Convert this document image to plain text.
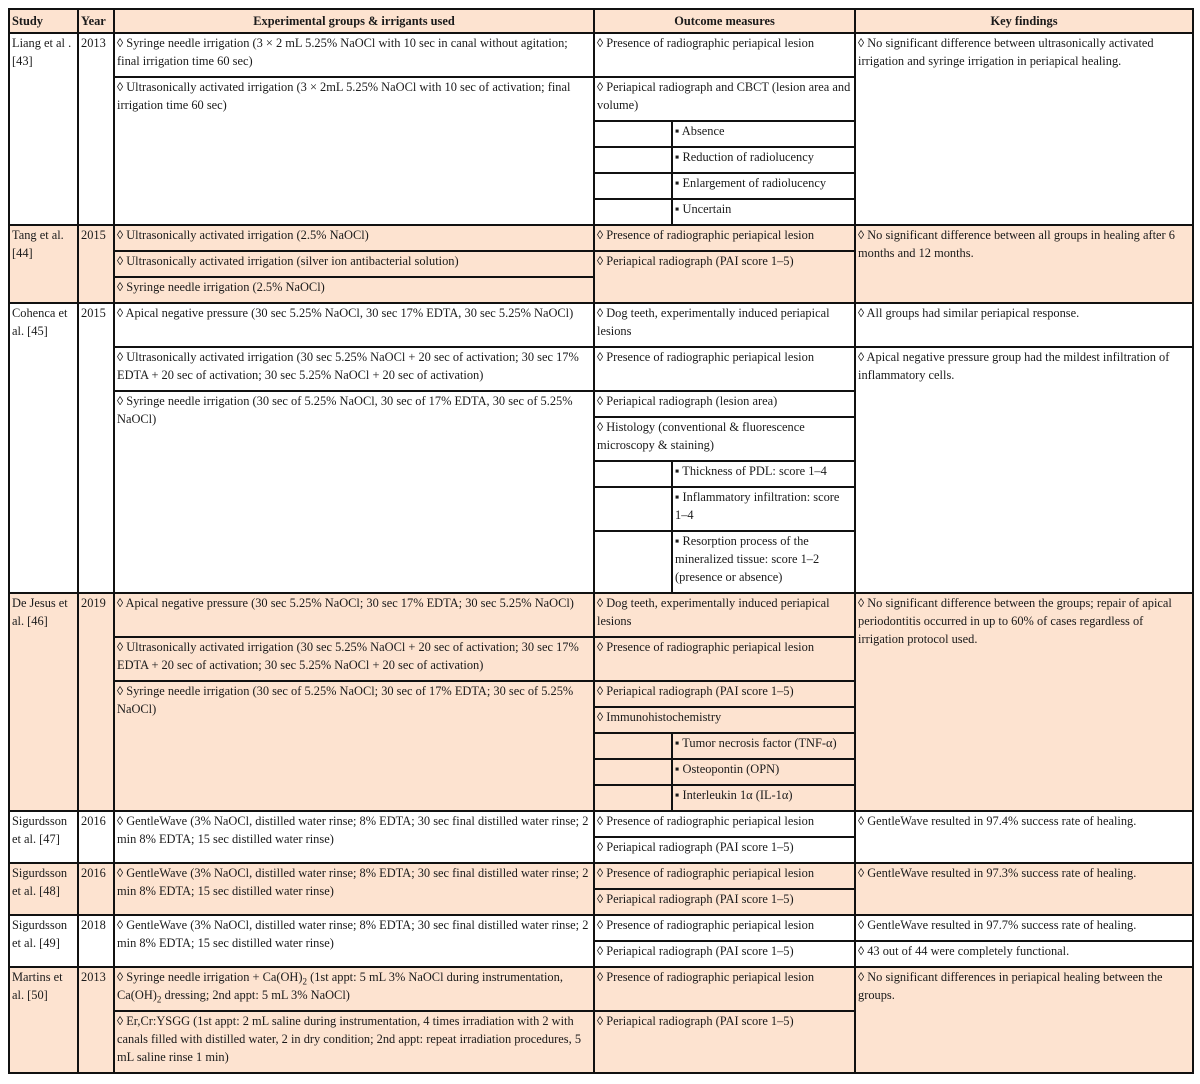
Study	Year	Experimental groups & irrigants used	Outcome measures		Key findings
Liang et al . [43]	2013	◊ Syringe needle irrigation (3 × 2 mL 5.25% NaOCl with 10 sec in canal without agitation; final irrigation time 60 sec)	◊ Presence of radiographic periapical lesion		◊ No significant difference between ultrasonically activated irrigation and syringe irrigation in periapical healing.
		◊ Ultrasonically activated irrigation (3 × 2mL 5.25% NaOCl with 10 sec of activation; final irrigation time 60 sec)	◊ Periapical radiograph and CBCT (lesion area and volume)		
				▪ Absence	
				▪ Reduction of radiolucency	
				▪ Enlargement of radiolucency	
				▪ Uncertain	
Tang et al. [44]	2015	◊ Ultrasonically activated irrigation (2.5% NaOCl)	◊ Presence of radiographic periapical lesion		◊ No significant difference between all groups in healing after 6 months and 12 months.
		◊ Ultrasonically activated irrigation (silver ion antibacterial solution)	◊ Periapical radiograph (PAI score 1–5)		
		◊ Syringe needle irrigation (2.5% NaOCl)			
Cohenca et al. [45]	2015	◊ Apical negative pressure (30 sec 5.25% NaOCl, 30 sec 17% EDTA, 30 sec 5.25% NaOCl)	◊ Dog teeth, experimentally induced periapical lesions		◊ All groups had similar periapical response.
		◊ Ultrasonically activated irrigation (30 sec 5.25% NaOCl + 20 sec of activation; 30 sec 17% EDTA + 20 sec of activation; 30 sec 5.25% NaOCl + 20 sec of activation)	◊ Presence of radiographic periapical lesion		◊ Apical negative pressure group had the mildest infiltration of inflammatory cells.
		◊ Syringe needle irrigation (30 sec of 5.25% NaOCl, 30 sec of 17% EDTA, 30 sec of 5.25% NaOCl)	◊ Periapical radiograph (lesion area)		
			◊ Histology (conventional & fluorescence microscopy & staining)		
				▪ Thickness of PDL: score 1–4	
				▪ Inflammatory infiltration: score 1–4	
				▪ Resorption process of the mineralized tissue: score 1–2 (presence or absence)	
De Jesus et al. [46]	2019	◊ Apical negative pressure (30 sec 5.25% NaOCl; 30 sec 17% EDTA; 30 sec 5.25% NaOCl)	◊ Dog teeth, experimentally induced periapical lesions		◊ No significant difference between the groups; repair of apical periodontitis occurred in up to 60% of cases regardless of irrigation protocol used.
		◊ Ultrasonically activated irrigation (30 sec 5.25% NaOCl + 20 sec of activation; 30 sec 17% EDTA + 20 sec of activation; 30 sec 5.25% NaOCl + 20 sec of activation)	◊ Presence of radiographic periapical lesion		
		◊ Syringe needle irrigation (30 sec of 5.25% NaOCl; 30 sec of 17% EDTA; 30 sec of 5.25% NaOCl)	◊ Periapical radiograph (PAI score 1–5)		
			◊ Immunohistochemistry		
				▪ Tumor necrosis factor (TNF-α)	
				▪ Osteopontin (OPN)	
				▪ Interleukin 1α (IL-1α)	
Sigurdsson et al. [47]	2016	◊ GentleWave (3% NaOCl, distilled water rinse; 8% EDTA; 30 sec final distilled water rinse; 2 min 8% EDTA; 15 sec distilled water rinse)	◊ Presence of radiographic periapical lesion		◊ GentleWave resulted in 97.4% success rate of healing.
			◊ Periapical radiograph (PAI score 1–5)		
Sigurdsson et al. [48]	2016	◊ GentleWave (3% NaOCl, distilled water rinse; 8% EDTA; 30 sec final distilled water rinse; 2 min 8% EDTA; 15 sec distilled water rinse)	◊ Presence of radiographic periapical lesion		◊ GentleWave resulted in 97.3% success rate of healing.
			◊ Periapical radiograph (PAI score 1–5)		
Sigurdsson et al. [49]	2018	◊ GentleWave (3% NaOCl, distilled water rinse; 8% EDTA; 30 sec final distilled water rinse; 2 min 8% EDTA; 15 sec distilled water rinse)	◊ Presence of radiographic periapical lesion		◊ GentleWave resulted in 97.7% success rate of healing.
			◊ Periapical radiograph (PAI score 1–5)		◊ 43 out of 44 were completely functional.
Martins et al. [50]	2013	◊ Syringe needle irrigation + $Ca(OH)_2$ (1st appt: 5 mL 3% NaOCl during instrumentation, $Ca(OH)_2$ dressing; 2nd appt: 5 mL 3% NaOCl)	◊ Presence of radiographic periapical lesion		◊ No significant differences in periapical healing between the groups.
		◊ Er,Cr:YSGG (1st appt: 2 mL saline during instrumentation, 4 times irradiation with 2 with canals filled with distilled water, 2 in dry condition; 2nd appt: repeat irradiation procedures, 5 mL saline rinse 1 min)	◊ Periapical radiograph (PAI score 1–5)		
